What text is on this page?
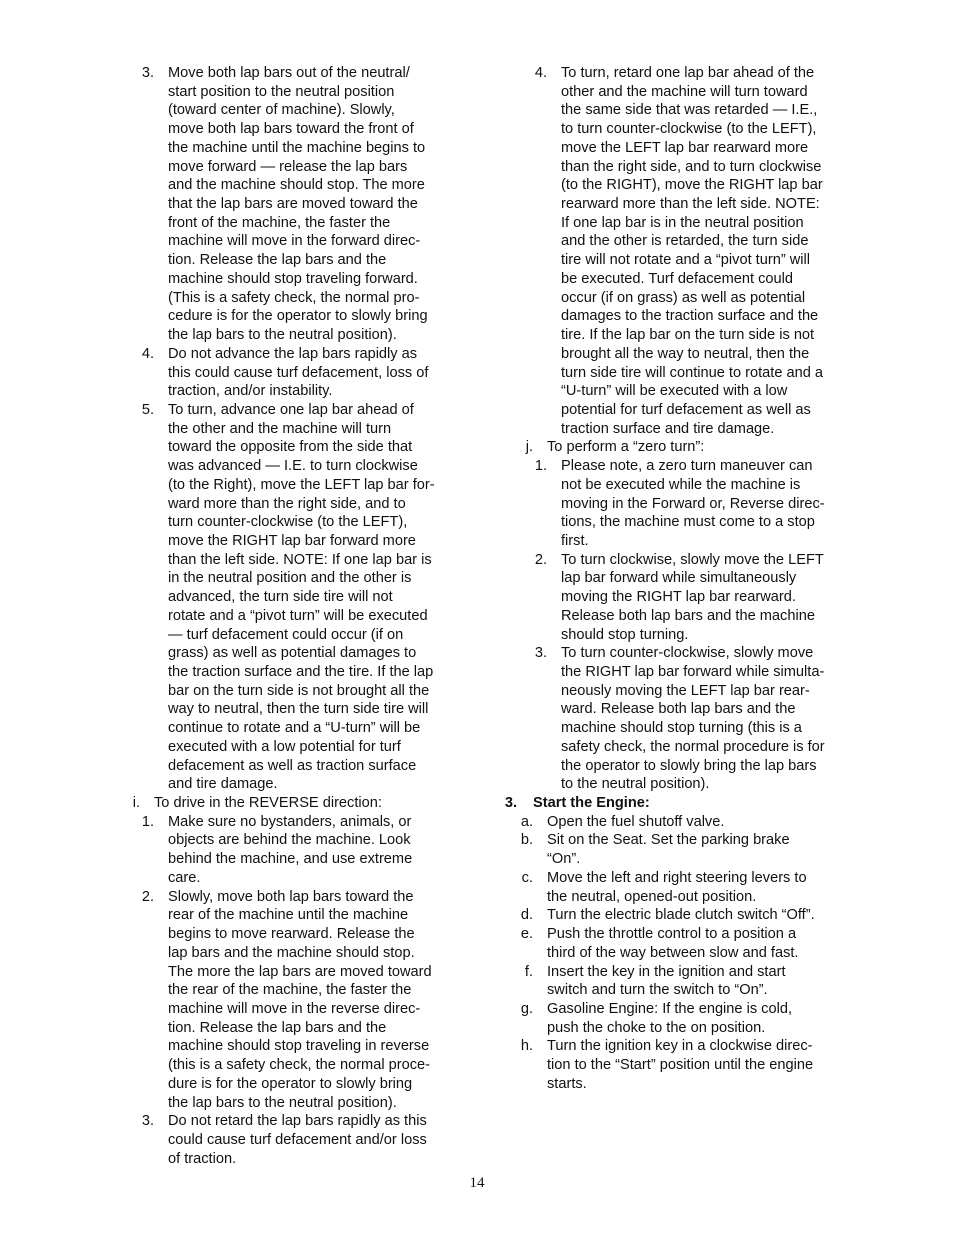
3. Move both lap bars out of the neutral/
start position to the neutral position
(toward center of machine). Slowly,
move both lap bars toward the front of
the machine until the machine begins to
move forward — release the lap bars
and the machine should stop. The more
that the lap bars are moved toward the
front of the machine, the faster the
machine will move in the forward direc-
tion. Release the lap bars and the
machine should stop traveling forward.
(This is a safety check, the normal pro-
cedure is for the operator to slowly bring
the lap bars to the neutral position).
4. Do not advance the lap bars rapidly as
this could cause turf defacement, loss of
traction, and/or instability.
5. To turn, advance one lap bar ahead of
the other and the machine will turn
toward the opposite from the side that
was advanced — I.E. to turn clockwise
(to the Right), move the LEFT lap bar for-
ward more than the right side, and to
turn counter-clockwise (to the LEFT),
move the RIGHT lap bar forward more
than the left side. NOTE: If one lap bar is
in the neutral position and the other is
advanced, the turn side tire will not
rotate and a “pivot turn” will be executed
— turf defacement could occur (if on
grass) as well as potential damages to
the traction surface and the tire. If the lap
bar on the turn side is not brought all the
way to neutral, then the turn side tire will
continue to rotate and a “U-turn” will be
executed with a low potential for turf
defacement as well as traction surface
and tire damage.
i. To drive in the REVERSE direction:
1. Make sure no bystanders, animals, or
objects are behind the machine. Look
behind the machine, and use extreme
care.
2. Slowly, move both lap bars toward the
rear of the machine until the machine
begins to move rearward. Release the
lap bars and the machine should stop.
The more the lap bars are moved toward
the rear of the machine, the faster the
machine will move in the reverse direc-
tion. Release the lap bars and the
machine should stop traveling in reverse
(this is a safety check, the normal proce-
dure is for the operator to slowly bring
the lap bars to the neutral position).
3. Do not retard the lap bars rapidly as this
could cause turf defacement and/or loss
of traction.
4. To turn, retard one lap bar ahead of the
other and the machine will turn toward
the same side that was retarded — I.E.,
to turn counter-clockwise (to the LEFT),
move the LEFT lap bar rearward more
than the right side, and to turn clockwise
(to the RIGHT), move the RIGHT lap bar
rearward more than the left side. NOTE:
If one lap bar is in the neutral position
and the other is retarded, the turn side
tire will not rotate and a “pivot turn” will
be executed. Turf defacement could
occur (if on grass) as well as potential
damages to the traction surface and the
tire. If the lap bar on the turn side is not
brought all the way to neutral, then the
turn side tire will continue to rotate and a
“U-turn” will be executed with a low
potential for turf defacement as well as
traction surface and tire damage.
j. To perform a “zero turn”:
1. Please note, a zero turn maneuver can
not be executed while the machine is
moving in the Forward or, Reverse direc-
tions, the machine must come to a stop
first.
2. To turn clockwise, slowly move the LEFT
lap bar forward while simultaneously
moving the RIGHT lap bar rearward.
Release both lap bars and the machine
should stop turning.
3. To turn counter-clockwise, slowly move
the RIGHT lap bar forward while simulta-
neously moving the LEFT lap bar rear-
ward. Release both lap bars and the
machine should stop turning (this is a
safety check, the normal procedure is for
the operator to slowly bring the lap bars
to the neutral position).
3.	Start the Engine:
a. Open the fuel shutoff valve.
b. Sit on the Seat. Set the parking brake
“On”.
c. Move the left and right steering levers to
the neutral, opened-out position.
d. Turn the electric blade clutch switch “Off”.
e. Push the throttle control to a position a
third of the way between slow and fast.
f. Insert the key in the ignition and start
switch and turn the switch to “On”.
g. Gasoline Engine: If the engine is cold,
push the choke to the on position.
h. Turn the ignition key in a clockwise direc-
tion to the “Start” position until the engine
starts.
14
